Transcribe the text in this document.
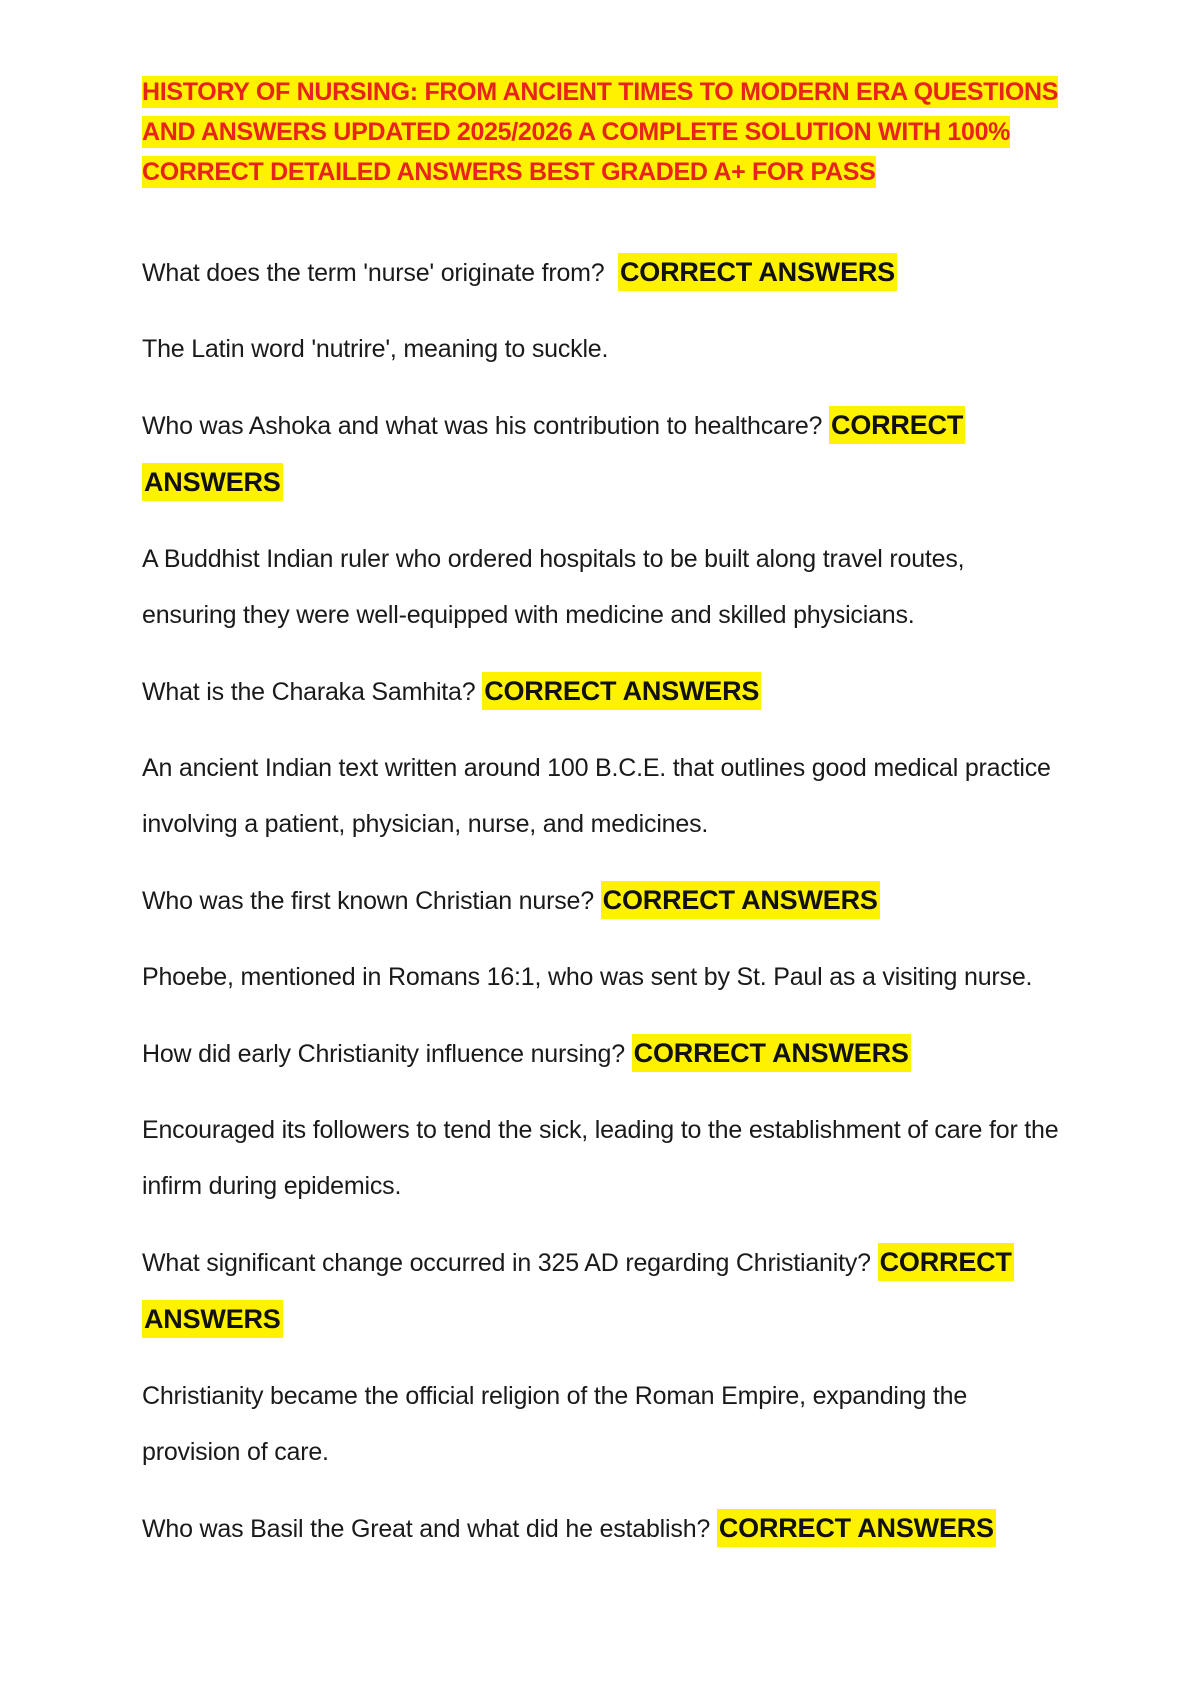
HISTORY OF NURSING: FROM ANCIENT TIMES TO MODERN ERA QUESTIONS AND ANSWERS UPDATED 2025/2026 A COMPLETE SOLUTION WITH 100% CORRECT DETAILED ANSWERS BEST GRADED A+ FOR PASS

What does the term 'nurse' originate from? CORRECT ANSWERS

The Latin word 'nutrire', meaning to suckle.

Who was Ashoka and what was his contribution to healthcare? CORRECT ANSWERS

A Buddhist Indian ruler who ordered hospitals to be built along travel routes, ensuring they were well-equipped with medicine and skilled physicians.

What is the Charaka Samhita? CORRECT ANSWERS

An ancient Indian text written around 100 B.C.E. that outlines good medical practice involving a patient, physician, nurse, and medicines.

Who was the first known Christian nurse? CORRECT ANSWERS

Phoebe, mentioned in Romans 16:1, who was sent by St. Paul as a visiting nurse.

How did early Christianity influence nursing? CORRECT ANSWERS

Encouraged its followers to tend the sick, leading to the establishment of care for the infirm during epidemics.

What significant change occurred in 325 AD regarding Christianity? CORRECT ANSWERS

Christianity became the official religion of the Roman Empire, expanding the provision of care.

Who was Basil the Great and what did he establish? CORRECT ANSWERS
